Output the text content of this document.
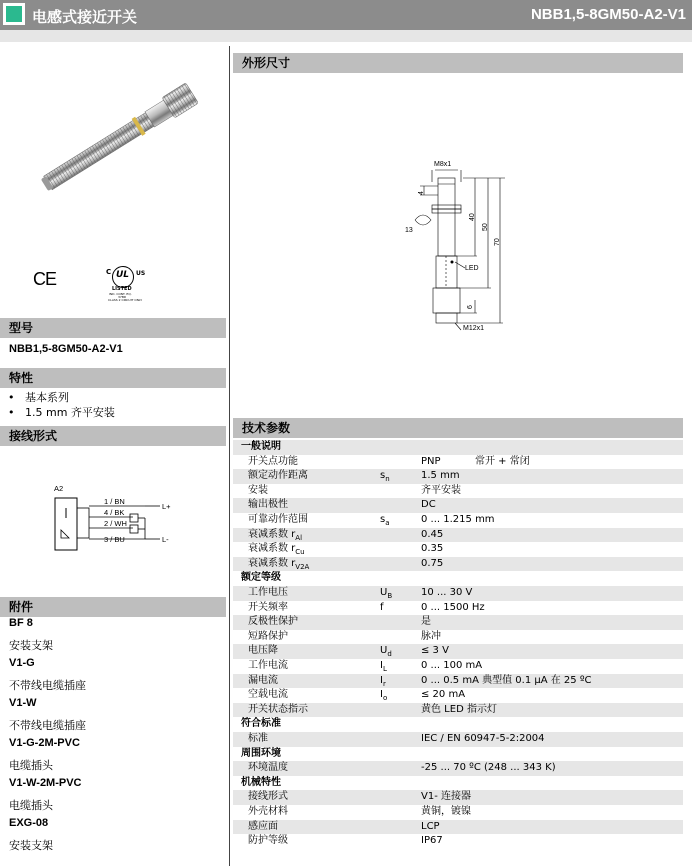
电感式接近开关	NBB1,5-8GM50-A2-V1
CE	C UL US
LISTED
IND. CONT. EQ.
37BD
CLASS 2 CIRCUIT ONLY
型号
NBB1,5-8GM50-A2-V1
特性
•   基本系列
•   1.5 mm 齐平安装
接线形式
A2
1 / BN
4 / BK
2 / WH
3 / BU
L+
L-
附件
BF 8
安装支架
V1-G
不带线电缆插座
V1-W
不带线电缆插座
V1-G-2M-PVC
电缆插头
V1-W-2M-PVC
电缆插头
EXG-08
安装支架
外形尺寸
M8x1
4
40
50
70
13
LED
6
M12x1
技术参数
一般说明
开关点功能	PNP	常开 + 常闭
额定动作距离	$s_n$	1.5 mm
安装	齐平安装
输出极性	DC
可靠动作范围	$s_a$	0 ... 1.215 mm
衰减系数 $r_{Al}$	0.45
衰减系数 $r_{Cu}$	0.35
衰减系数 $r_{V2A}$	0.75
额定等级
工作电压	$U_B$	10 ... 30 V
开关频率	f	0 ... 1500 Hz
反极性保护	是
短路保护	脉冲
电压降	$U_d$	≤ 3 V
工作电流	$I_L$	0 ... 100 mA
漏电流	$I_r$	0 ... 0.5 mA 典型值 0.1 µA 在 25 ºC
空载电流	$I_o$	≤ 20 mA
开关状态指示	黄色 LED 指示灯
符合标准
标准	IEC / EN 60947-5-2:2004
周围环境
环境温度	-25 ... 70 ºC (248 ... 343 K)
机械特性
接线形式	V1- 连接器
外壳材料	黄铜，镀镍
感应面	LCP
防护等级	IP67
